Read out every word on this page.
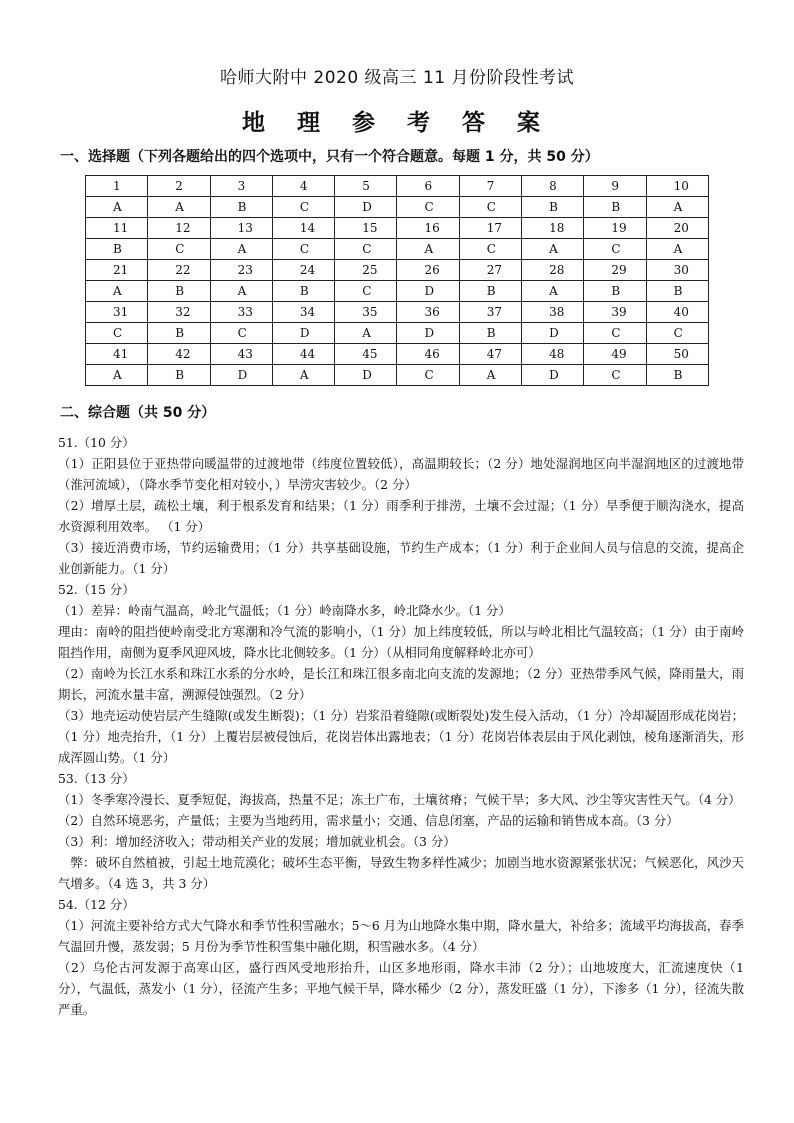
哈师大附中 2020 级高三 11 月份阶段性考试
地 理 参 考 答 案
一、选择题（下列各题给出的四个选项中，只有一个符合题意。每题 1 分，共 50 分）
1	2	3	4	5	6	7	8	9	10
A	A	B	C	D	C	C	B	B	A
11	12	13	14	15	16	17	18	19	20
B	C	A	C	C	A	C	A	C	A
21	22	23	24	25	26	27	28	29	30
A	B	A	B	C	D	B	A	B	B
31	32	33	34	35	36	37	38	39	40
C	B	C	D	A	D	B	D	C	C
41	42	43	44	45	46	47	48	49	50
A	B	D	A	D	C	A	D	C	B
二、综合题（共 50 分）

51.（10 分）

（1）正阳县位于亚热带向暖温带的过渡地带（纬度位置较低），高温期较长；（2 分）地处湿润地区向半湿润地区的过渡地带（淮河流域），（降水季节变化相对较小，）旱涝灾害较少。（2 分）

（2）增厚土层，疏松土壤，利于根系发育和结果；（1 分）雨季利于排涝，土壤不会过湿；（1 分）旱季便于顺沟浇水，提高水资源利用效率。 （1 分）

（3）接近消费市场，节约运输费用；（1 分）共享基础设施，节约生产成本；（1 分）利于企业间人员与信息的交流，提高企业创新能力。（1 分）

52.（15 分）

（1）差异：岭南气温高，岭北气温低；（1 分）岭南降水多，岭北降水少。（1 分）

理由：南岭的阻挡使岭南受北方寒潮和冷气流的影响小，（1 分）加上纬度较低，所以与岭北相比气温较高；（1 分）由于南岭阻挡作用，南侧为夏季风迎风坡，降水比北侧较多。（1 分）（从相同角度解释岭北亦可）

（2）南岭为长江水系和珠江水系的分水岭，是长江和珠江很多南北向支流的发源地；（2 分）亚热带季风气候，降雨量大，雨期长，河流水量丰富，溯源侵蚀强烈。（2 分）

（3）地壳运动使岩层产生缝隙(或发生断裂)；（1 分）岩浆沿着缝隙(或断裂处)发生侵入活动，（1 分）冷却凝固形成花岗岩；（1 分）地壳抬升，（1 分）上覆岩层被侵蚀后，花岗岩体出露地表；（1 分）花岗岩体表层由于风化剥蚀，棱角逐渐消失，形成浑圆山势。（1 分）

53.（13 分）

（1）冬季寒冷漫长、夏季短促，海拔高，热量不足；冻土广布，土壤贫瘠；气候干旱；多大风、沙尘等灾害性天气。（4 分）

（2）自然环境恶劣，产量低；主要为当地药用，需求量小；交通、信息闭塞，产品的运输和销售成本高。（3 分）

（3）利：增加经济收入；带动相关产业的发展；增加就业机会。（3 分）

　弊：破坏自然植被，引起土地荒漠化；破坏生态平衡，导致生物多样性减少；加剧当地水资源紧张状况；气候恶化，风沙天气增多。（4 选 3，共 3 分）

54.（12 分）

（1）河流主要补给方式大气降水和季节性积雪融水；5～6 月为山地降水集中期，降水量大，补给多；流域平均海拔高，春季气温回升慢，蒸发弱；5 月份为季节性积雪集中融化期，积雪融水多。（4 分）

（2）乌伦古河发源于高寒山区，盛行西风受地形抬升，山区多地形雨，降水丰沛（2 分）；山地坡度大，汇流速度快（1 分），气温低，蒸发小（1 分），径流产生多；平地气候干旱，降水稀少（2 分），蒸发旺盛（1 分），下渗多（1 分），径流失散严重。
